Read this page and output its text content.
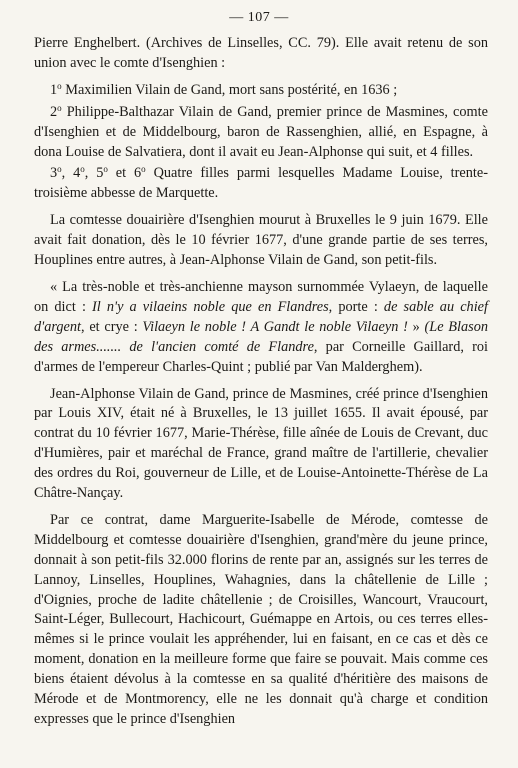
— 107 —

Pierre Enghelbert. (Archives de Linselles, CC. 79). Elle avait retenu de son union avec le comte d'Isenghien :

1$^o$ Maximilien Vilain de Gand, mort sans postérité, en 1636 ;

2$^o$ Philippe-Balthazar Vilain de Gand, premier prince de Masmines, comte d'Isenghien et de Middelbourg, baron de Rassenghien, allié, en Espagne, à dona Louise de Salvatiera, dont il avait eu Jean-Alphonse qui suit, et 4 filles.

3$^o$, 4$^o$, 5$^o$ et 6$^o$ Quatre filles parmi lesquelles Madame Louise, trente-troisième abbesse de Marquette.

La comtesse douairière d'Isenghien mourut à Bruxelles le 9 juin 1679. Elle avait fait donation, dès le 10 février 1677, d'une grande partie de ses terres, Houplines entre autres, à Jean-Alphonse Vilain de Gand, son petit-fils.

« La très-noble et très-anchienne mayson surnommée Vylaeyn, de laquelle on dict : Il n'y a vilaeins noble que en Flandres, porte : de sable au chief d'argent, et crye : Vilaeyn le noble ! A Gandt le noble Vilaeyn ! » (Le Blason des armes....... de l'ancien comté de Flandre, par Corneille Gaillard, roi d'armes de l'empereur Charles-Quint ; publié par Van Malderghem).

Jean-Alphonse Vilain de Gand, prince de Masmines, créé prince d'Isenghien par Louis XIV, était né à Bruxelles, le 13 juillet 1655. Il avait épousé, par contrat du 10 février 1677, Marie-Thérèse, fille aînée de Louis de Crevant, duc d'Humières, pair et maréchal de France, grand maître de l'artillerie, chevalier des ordres du Roi, gouverneur de Lille, et de Louise-Antoinette-Thérèse de La Châtre-Nançay.

Par ce contrat, dame Marguerite-Isabelle de Mérode, comtesse de Middelbourg et comtesse douairière d'Isenghien, grand'mère du jeune prince, donnait à son petit-fils 32.000 florins de rente par an, assignés sur les terres de Lannoy, Linselles, Houplines, Wahagnies, dans la châtellenie de Lille ; d'Oignies, proche de ladite châtellenie ; de Croisilles, Wancourt, Vraucourt, Saint-Léger, Bullecourt, Hachicourt, Guémappe en Artois, ou ces terres elles-mêmes si le prince voulait les appréhender, lui en faisant, en ce cas et dès ce moment, donation en la meilleure forme que faire se pouvait. Mais comme ces biens étaient dévolus à la comtesse en sa qualité d'héritière des maisons de Mérode et de Montmorency, elle ne les donnait qu'à charge et condition expresses que le prince d'Isenghien
